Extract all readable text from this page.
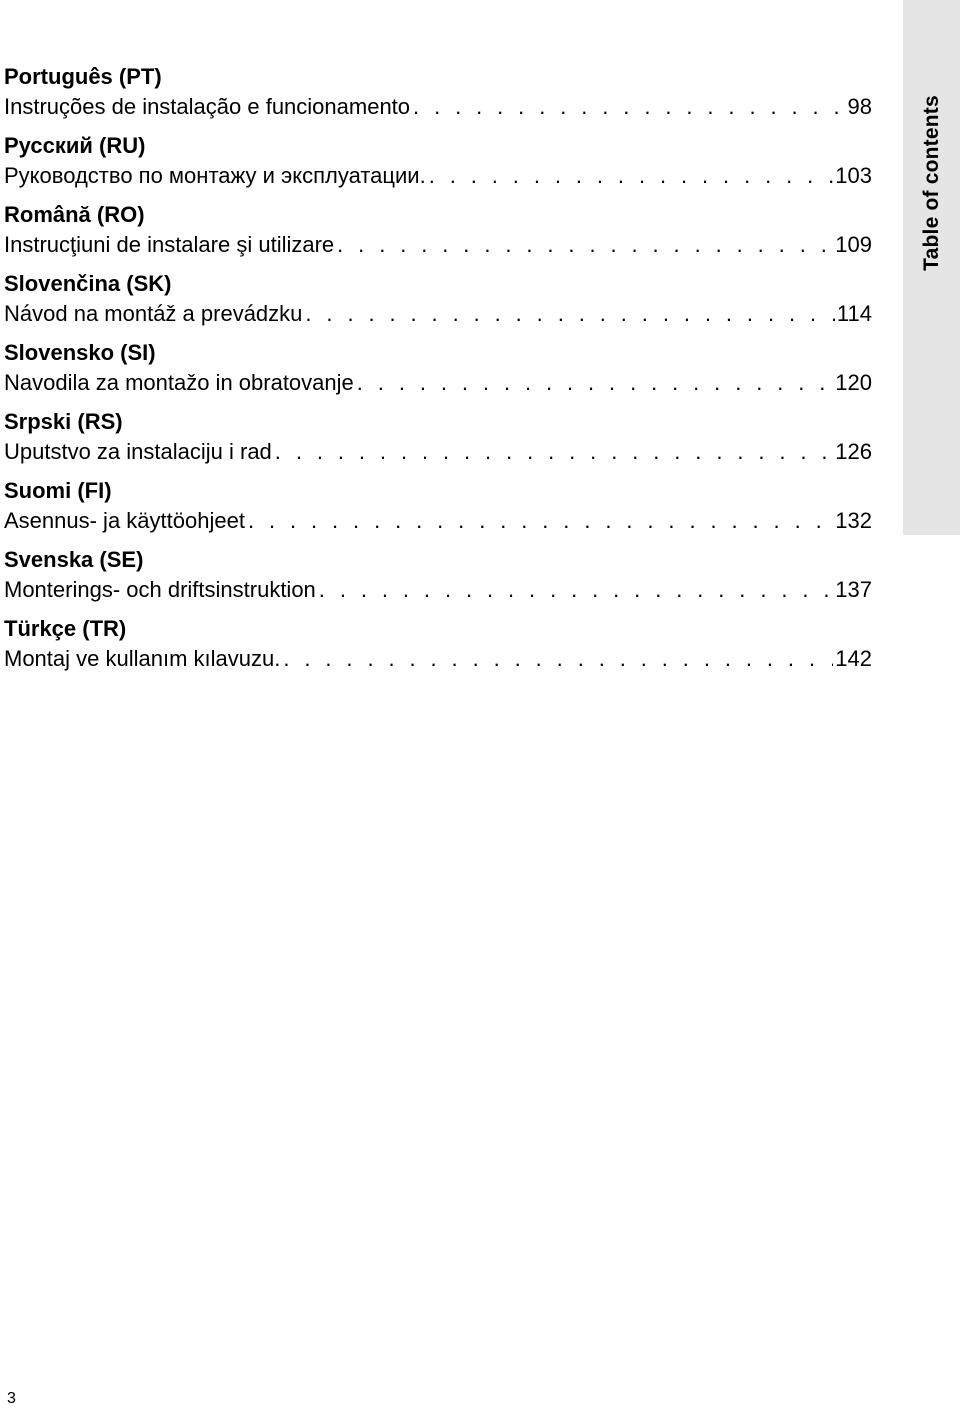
Table of contents
Português (PT)
Instruções de instalação e funcionamento . . .	98
Русский (RU)
Руководство по монтажу и эксплуатации. . . .	103
Română (RO)
Instrucţiuni de instalare şi utilizare . . .	109
Slovenčina (SK)
Návod na montáž a prevádzku . . .	114
Slovensko (SI)
Navodila za montažo in obratovanje . . .	120
Srpski (RS)
Uputstvo za instalaciju i rad . . .	126
Suomi (FI)
Asennus- ja käyttöohjeet . . .	132
Svenska (SE)
Monterings- och driftsinstruktion . . .	137
Türkçe (TR)
Montaj ve kullanım kılavuzu. . . .	142
3
